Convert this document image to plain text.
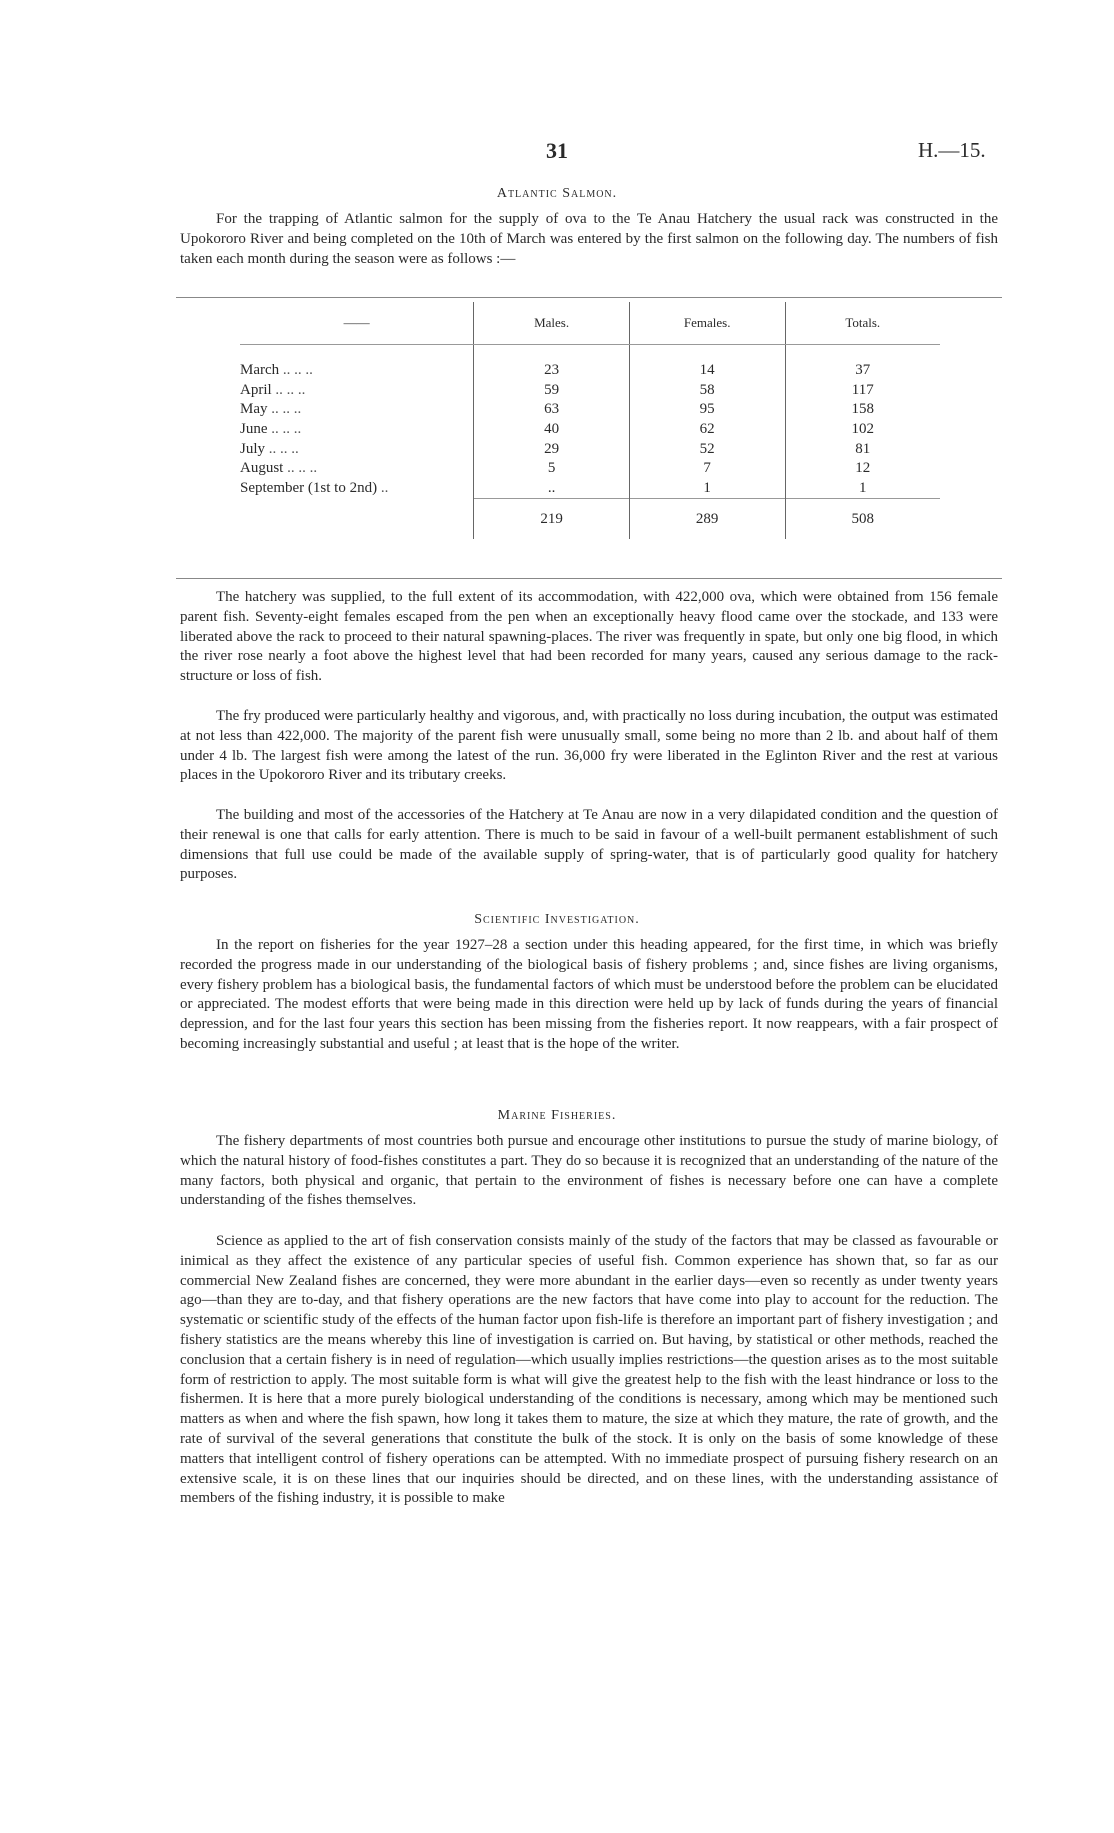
31	H.—15.
Atlantic Salmon.

For the trapping of Atlantic salmon for the supply of ova to the Te Anau Hatchery the usual rack was constructed in the Upokororo River and being completed on the 10th of March was entered by the first salmon on the following day. The numbers of fish taken each month during the season were as follows :—

——	Males.	Females.	Totals.

March .. .. ..	23	14	37
April .. .. ..	59	58	117
May .. .. ..	63	95	158
June .. .. ..	40	62	102
July .. .. ..	29	52	81
August .. .. ..	5	7	12
September (1st to 2nd) ..	..	1	1
	219	289	508

The hatchery was supplied, to the full extent of its accommodation, with 422,000 ova, which were obtained from 156 female parent fish. Seventy-eight females escaped from the pen when an exceptionally heavy flood came over the stockade, and 133 were liberated above the rack to proceed to their natural spawning-places. The river was frequently in spate, but only one big flood, in which the river rose nearly a foot above the highest level that had been recorded for many years, caused any serious damage to the rack-structure or loss of fish.

The fry produced were particularly healthy and vigorous, and, with practically no loss during incubation, the output was estimated at not less than 422,000. The majority of the parent fish were unusually small, some being no more than 2 lb. and about half of them under 4 lb. The largest fish were among the latest of the run. 36,000 fry were liberated in the Eglinton River and the rest at various places in the Upokororo River and its tributary creeks.

The building and most of the accessories of the Hatchery at Te Anau are now in a very dilapidated condition and the question of their renewal is one that calls for early attention. There is much to be said in favour of a well-built permanent establishment of such dimensions that full use could be made of the available supply of spring-water, that is of particularly good quality for hatchery purposes.

Scientific Investigation.

In the report on fisheries for the year 1927–28 a section under this heading appeared, for the first time, in which was briefly recorded the progress made in our understanding of the biological basis of fishery problems ; and, since fishes are living organisms, every fishery problem has a biological basis, the fundamental factors of which must be understood before the problem can be elucidated or appreciated. The modest efforts that were being made in this direction were held up by lack of funds during the years of financial depression, and for the last four years this section has been missing from the fisheries report. It now reappears, with a fair prospect of becoming increasingly substantial and useful ; at least that is the hope of the writer.

Marine Fisheries.

The fishery departments of most countries both pursue and encourage other institutions to pursue the study of marine biology, of which the natural history of food-fishes constitutes a part. They do so because it is recognized that an understanding of the nature of the many factors, both physical and organic, that pertain to the environment of fishes is necessary before one can have a complete understanding of the fishes themselves.

Science as applied to the art of fish conservation consists mainly of the study of the factors that may be classed as favourable or inimical as they affect the existence of any particular species of useful fish. Common experience has shown that, so far as our commercial New Zealand fishes are concerned, they were more abundant in the earlier days—even so recently as under twenty years ago—than they are to-day, and that fishery operations are the new factors that have come into play to account for the reduction. The systematic or scientific study of the effects of the human factor upon fish-life is therefore an important part of fishery investigation ; and fishery statistics are the means whereby this line of investigation is carried on. But having, by statistical or other methods, reached the conclusion that a certain fishery is in need of regulation—which usually implies restrictions—the question arises as to the most suitable form of restriction to apply. The most suitable form is what will give the greatest help to the fish with the least hindrance or loss to the fishermen. It is here that a more purely biological understanding of the conditions is necessary, among which may be mentioned such matters as when and where the fish spawn, how long it takes them to mature, the size at which they mature, the rate of growth, and the rate of survival of the several generations that constitute the bulk of the stock. It is only on the basis of some knowledge of these matters that intelligent control of fishery operations can be attempted. With no immediate prospect of pursuing fishery research on an extensive scale, it is on these lines that our inquiries should be directed, and on these lines, with the understanding assistance of members of the fishing industry, it is possible to make
